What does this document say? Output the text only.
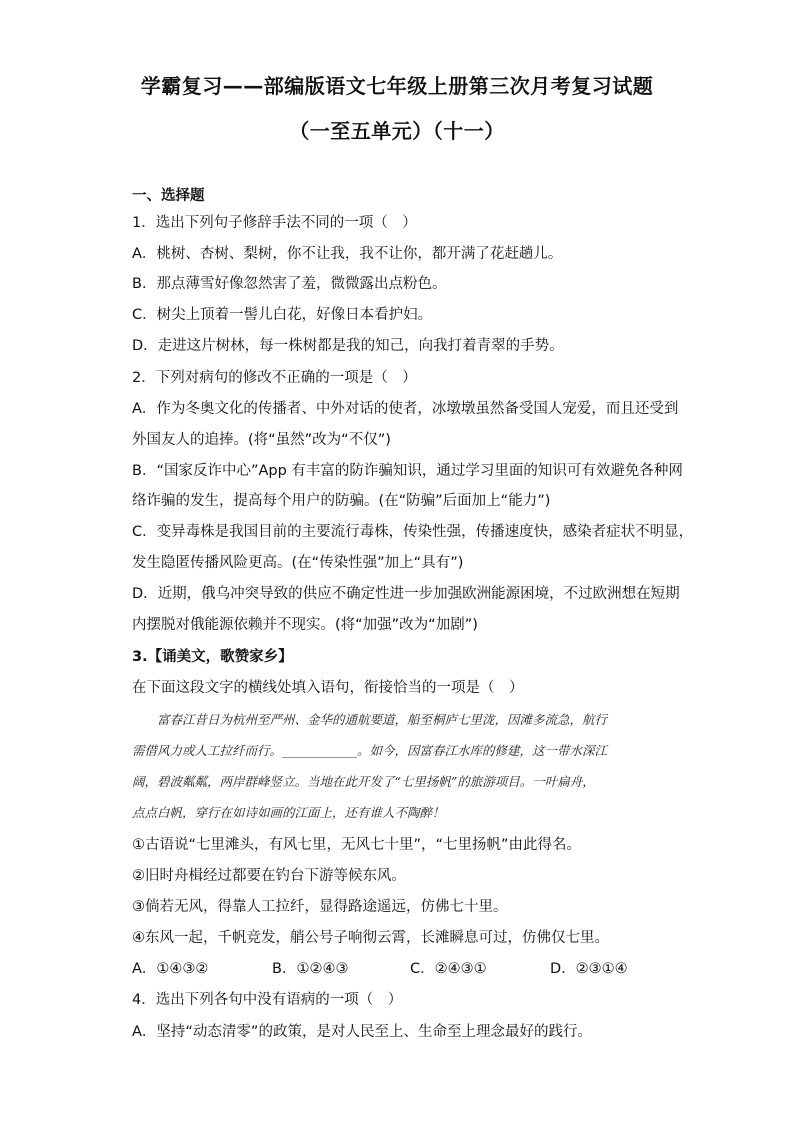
学霸复习——部编版语文七年级上册第三次月考复习试题
（一至五单元）（十一）
一、选择题
1．选出下列句子修辞手法不同的一项（　）
A．桃树、杏树、梨树，你不让我，我不让你，都开满了花赶趟儿。
B．那点薄雪好像忽然害了羞，微微露出点粉色。
C．树尖上顶着一髻儿白花，好像日本看护妇。
D．走进这片树林，每一株树都是我的知己，向我打着青翠的手势。
2．下列对病句的修改不正确的一项是（　）
A．作为冬奥文化的传播者、中外对话的使者，冰墩墩虽然备受国人宠爱，而且还受到
外国友人的追捧。(将“虽然”改为“不仅”)
B．“国家反诈中心”App 有丰富的防诈骗知识，通过学习里面的知识可有效避免各种网
络诈骗的发生，提高每个用户的防骗。(在“防骗”后面加上“能力”)
C．变异毒株是我国目前的主要流行毒株，传染性强，传播速度快，感染者症状不明显，
发生隐匿传播风险更高。(在“传染性强”加上“具有”)
D．近期，俄乌冲突导致的供应不确定性进一步加强欧洲能源困境，不过欧洲想在短期
内摆脱对俄能源依赖并不现实。(将“加强”改为“加剧”)
3.【诵美文，歌赞家乡】
在下面这段文字的横线处填入语句，衔接恰当的一项是（　）
　　富春江昔日为杭州至严州、金华的通航要道，船至桐庐七里泷，因滩多流急，航行
需借风力或人工拉纤而行。____________。如今，因富春江水库的修建，这一带水深江
阔，碧波粼粼，两岸群峰竖立。当地在此开发了“七里扬帆”的旅游项目。一叶扁舟，
点点白帆，穿行在如诗如画的江面上，还有谁人不陶醉！
①古语说“七里滩头，有风七里，无风七十里”，“七里扬帆”由此得名。
②旧时舟楫经过都要在钓台下游等候东风。
③倘若无风，得靠人工拉纤，显得路途遥远，仿佛七十里。
④东风一起，千帆竞发，艄公号子响彻云霄，长滩瞬息可过，仿佛仅七里。
A．①④③②	B．①②④③	C．②④③①	D．②③①④
4．选出下列各句中没有语病的一项（　）
A．坚持“动态清零”的政策，是对人民至上、生命至上理念最好的践行。
